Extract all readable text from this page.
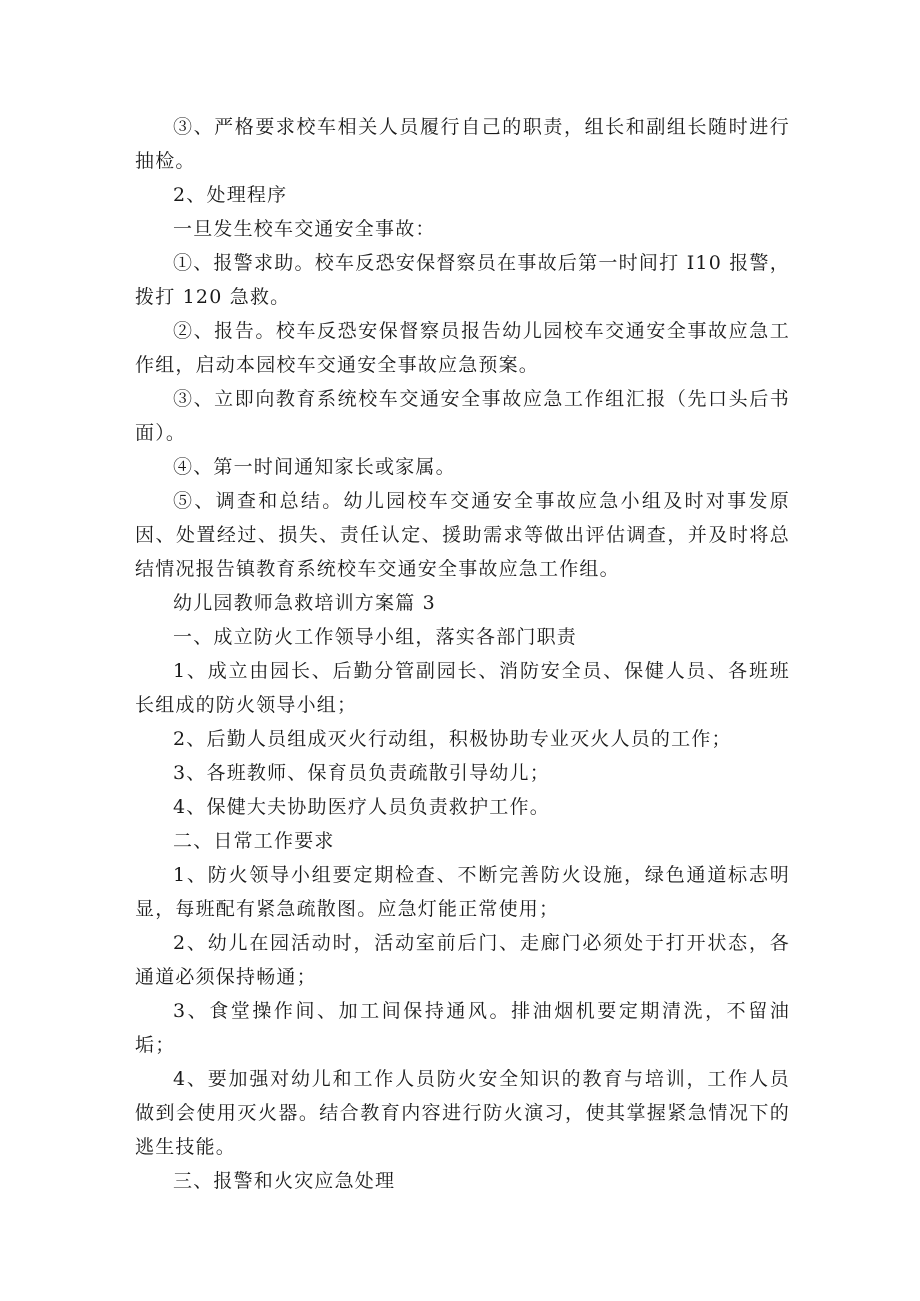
③、严格要求校车相关人员履行自己的职责，组长和副组长随时进行抽检。

2、处理程序

一旦发生校车交通安全事故：

①、报警求助。校车反恐安保督察员在事故后第一时间打 I10 报警，拨打 120 急救。

②、报告。校车反恐安保督察员报告幼儿园校车交通安全事故应急工作组，启动本园校车交通安全事故应急预案。

③、立即向教育系统校车交通安全事故应急工作组汇报（先口头后书面）。

④、第一时间通知家长或家属。

⑤、调查和总结。幼儿园校车交通安全事故应急小组及时对事发原因、处置经过、损失、责任认定、援助需求等做出评估调查，并及时将总结情况报告镇教育系统校车交通安全事故应急工作组。

幼儿园教师急救培训方案篇 3

一、成立防火工作领导小组，落实各部门职责

1、成立由园长、后勤分管副园长、消防安全员、保健人员、各班班长组成的防火领导小组；

2、后勤人员组成灭火行动组，积极协助专业灭火人员的工作；

3、各班教师、保育员负责疏散引导幼儿；

4、保健大夫协助医疗人员负责救护工作。

二、日常工作要求

1、防火领导小组要定期检查、不断完善防火设施，绿色通道标志明显，每班配有紧急疏散图。应急灯能正常使用；

2、幼儿在园活动时，活动室前后门、走廊门必须处于打开状态，各通道必须保持畅通；

3、食堂操作间、加工间保持通风。排油烟机要定期清洗，不留油垢；

4、要加强对幼儿和工作人员防火安全知识的教育与培训，工作人员做到会使用灭火器。结合教育内容进行防火演习，使其掌握紧急情况下的逃生技能。

三、报警和火灾应急处理
